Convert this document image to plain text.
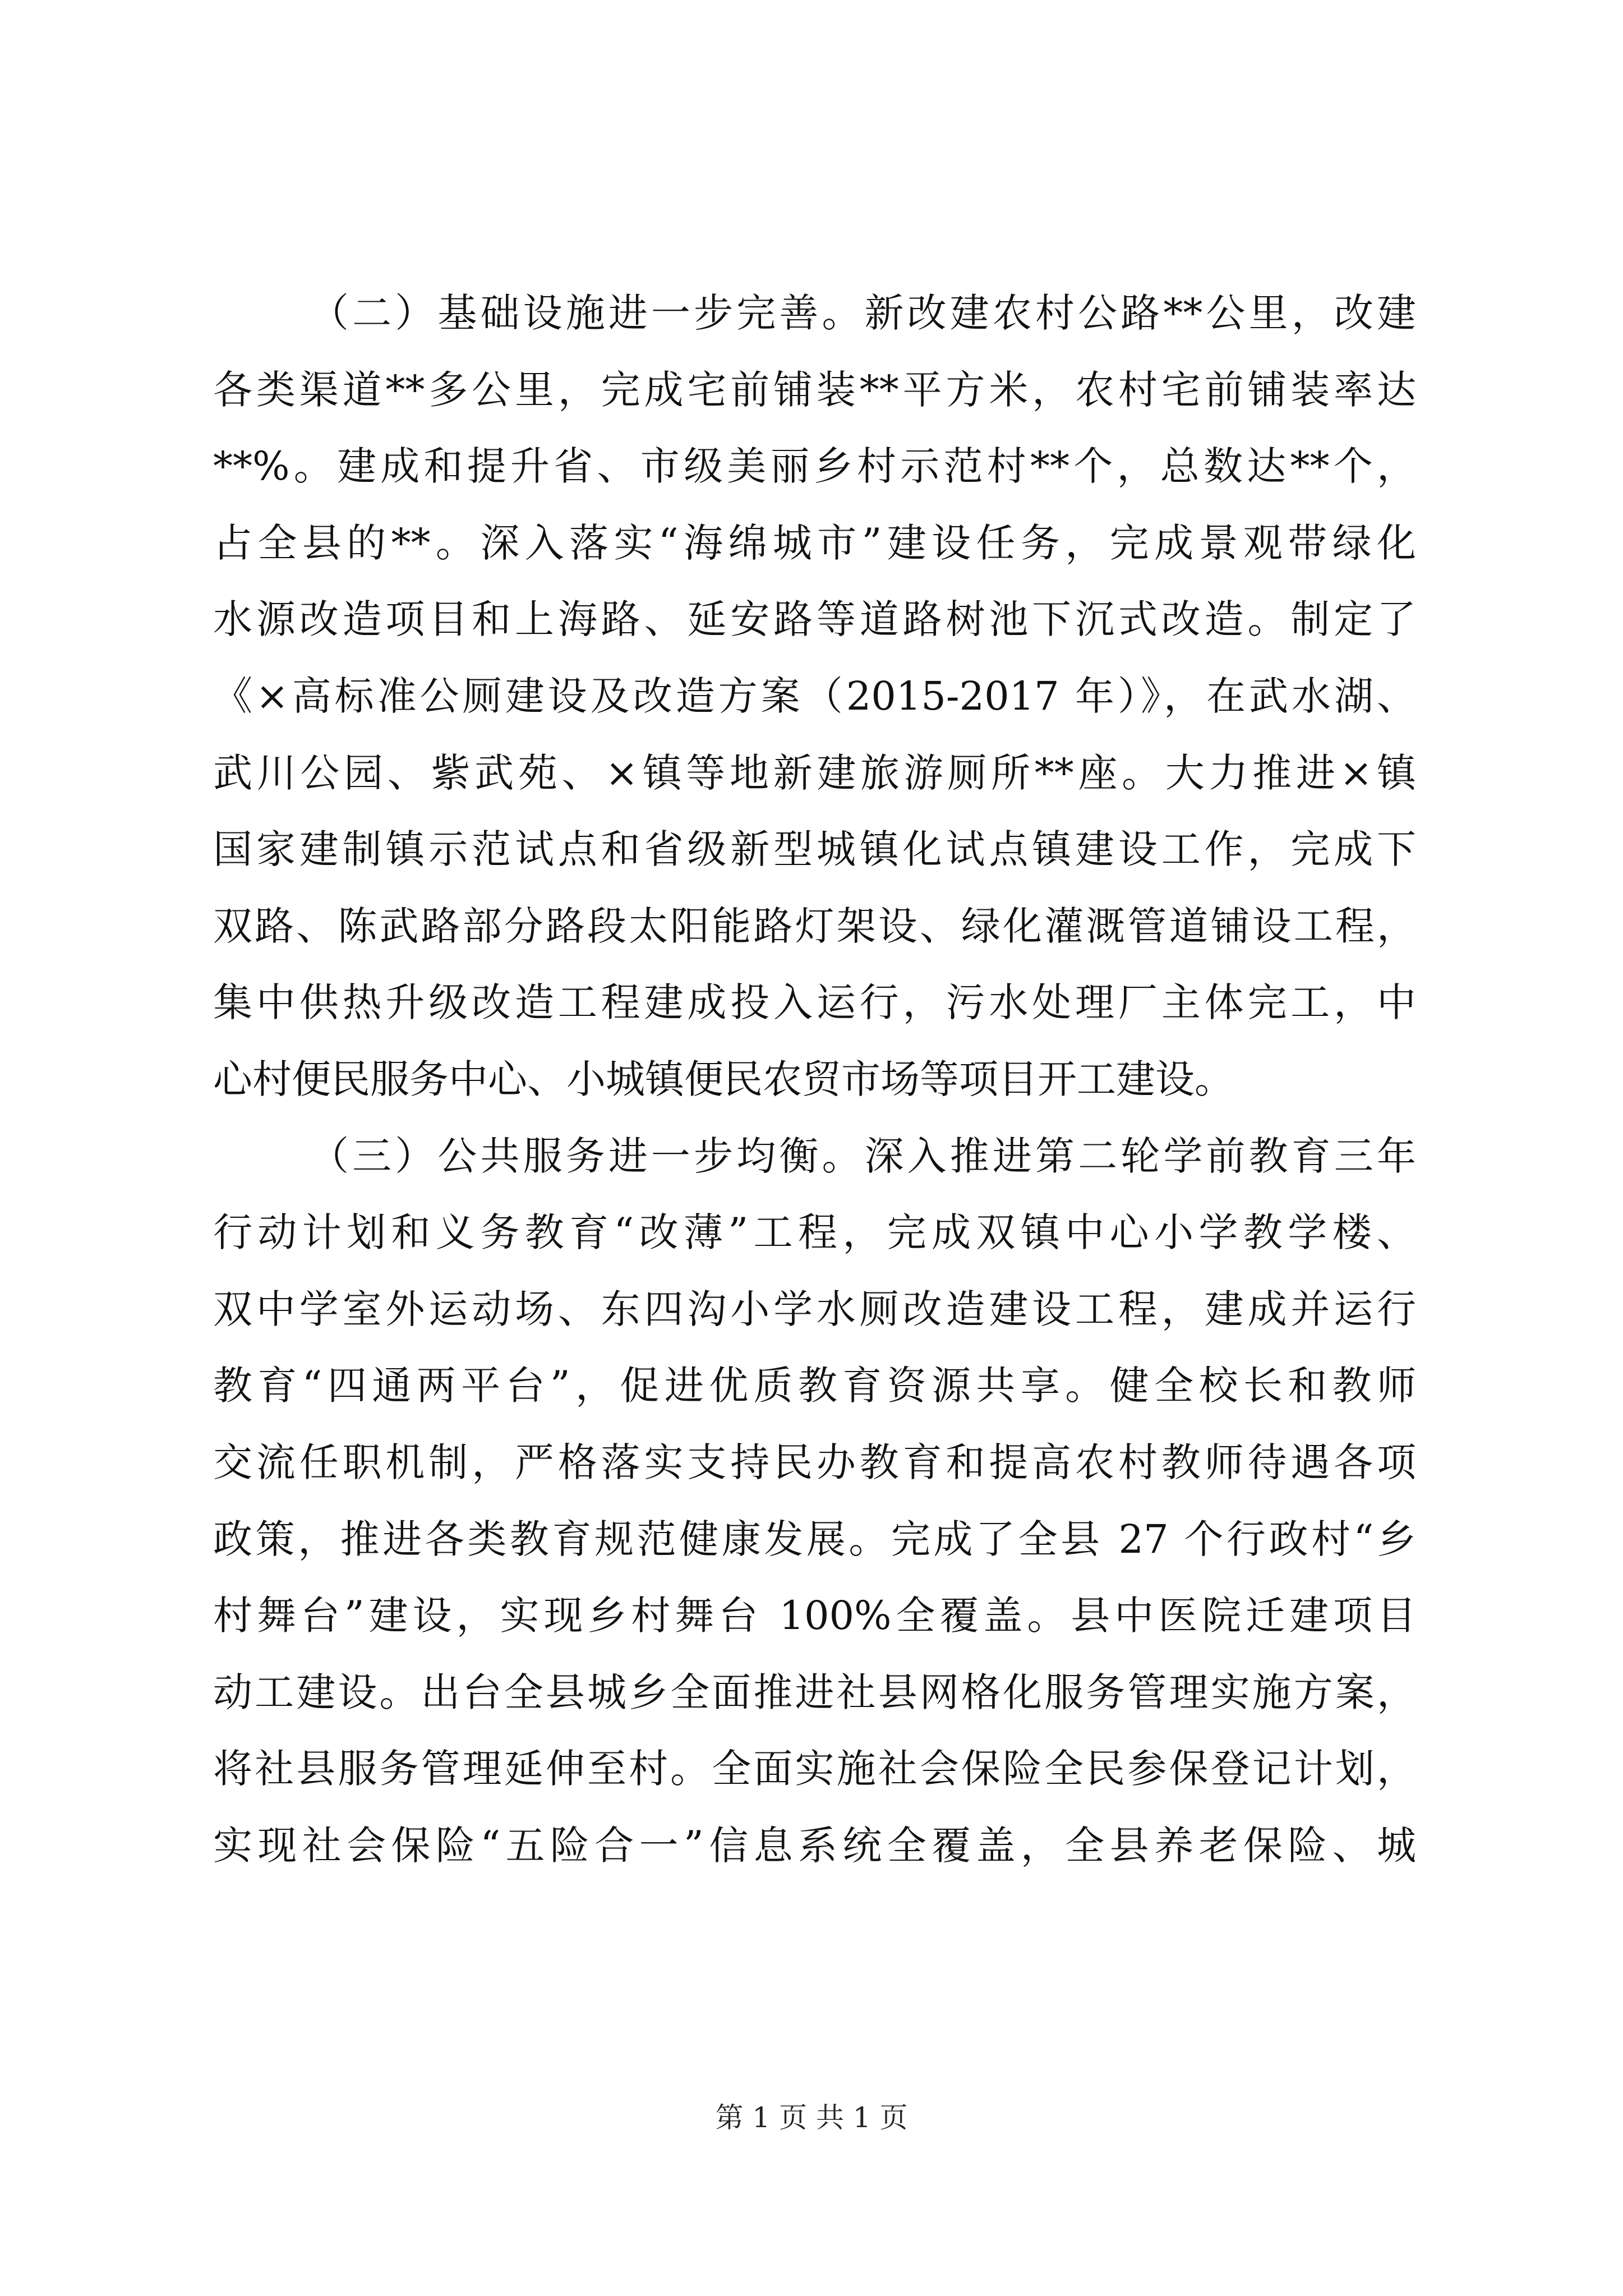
（二）基础设施进一步完善。新改建农村公路**公里，改建
各类渠道**多公里，完成宅前铺装**平方米，农村宅前铺装率达
**%。建成和提升省、市级美丽乡村示范村**个，总数达**个，
占全县的**。深入落实“海绵城市”建设任务，完成景观带绿化
水源改造项目和上海路、延安路等道路树池下沉式改造。制定了
《×高标准公厕建设及改造方案（2015-2017 年）》，在武水湖、
武川公园、紫武苑、×镇等地新建旅游厕所**座。大力推进×镇
国家建制镇示范试点和省级新型城镇化试点镇建设工作，完成下
双路、陈武路部分路段太阳能路灯架设、绿化灌溉管道铺设工程，
集中供热升级改造工程建成投入运行，污水处理厂主体完工，中
心村便民服务中心、小城镇便民农贸市场等项目开工建设。
（三）公共服务进一步均衡。深入推进第二轮学前教育三年
行动计划和义务教育“改薄”工程，完成双镇中心小学教学楼、
双中学室外运动场、东四沟小学水厕改造建设工程，建成并运行
教育“四通两平台”，促进优质教育资源共享。健全校长和教师
交流任职机制，严格落实支持民办教育和提高农村教师待遇各项
政策，推进各类教育规范健康发展。完成了全县 27 个行政村“乡
村舞台”建设，实现乡村舞台 100%全覆盖。县中医院迁建项目
动工建设。出台全县城乡全面推进社县网格化服务管理实施方案，
将社县服务管理延伸至村。全面实施社会保险全民参保登记计划，
实现社会保险“五险合一”信息系统全覆盖，全县养老保险、城
第 1 页 共 1 页
